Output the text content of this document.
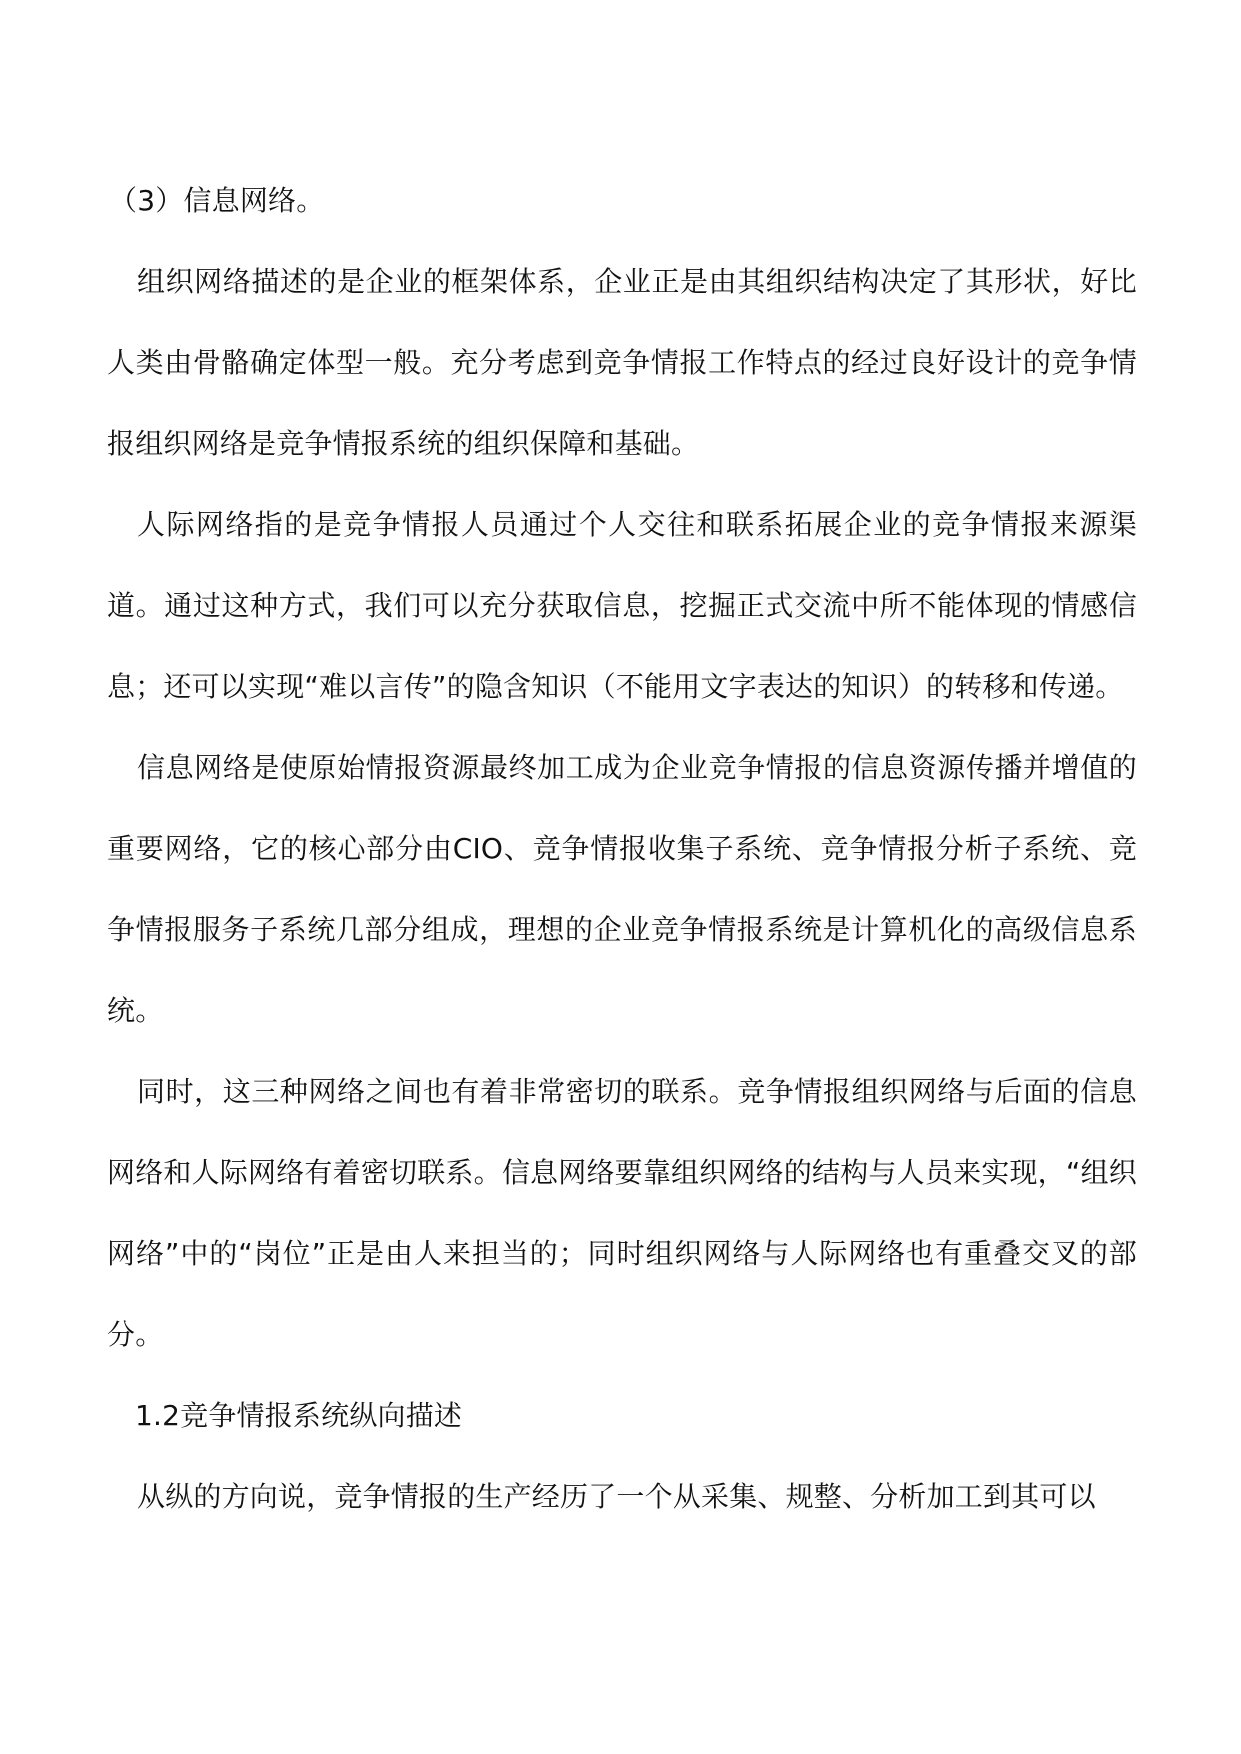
（3）信息网络。

组织网络描述的是企业的框架体系，企业正是由其组织结构决定了其形状，好比人类由骨骼确定体型一般。充分考虑到竞争情报工作特点的经过良好设计的竞争情报组织网络是竞争情报系统的组织保障和基础。

人际网络指的是竞争情报人员通过个人交往和联系拓展企业的竞争情报来源渠道。通过这种方式，我们可以充分获取信息，挖掘正式交流中所不能体现的情感信息；还可以实现“难以言传”的隐含知识（不能用文字表达的知识）的转移和传递。

信息网络是使原始情报资源最终加工成为企业竞争情报的信息资源传播并增值的重要网络，它的核心部分由CIO、竞争情报收集子系统、竞争情报分析子系统、竞争情报服务子系统几部分组成，理想的企业竞争情报系统是计算机化的高级信息系统。

同时，这三种网络之间也有着非常密切的联系。竞争情报组织网络与后面的信息网络和人际网络有着密切联系。信息网络要靠组织网络的结构与人员来实现，“组织网络”中的“岗位”正是由人来担当的；同时组织网络与人际网络也有重叠交叉的部分。

1.2竞争情报系统纵向描述

从纵的方向说，竞争情报的生产经历了一个从采集、规整、分析加工到其可以
